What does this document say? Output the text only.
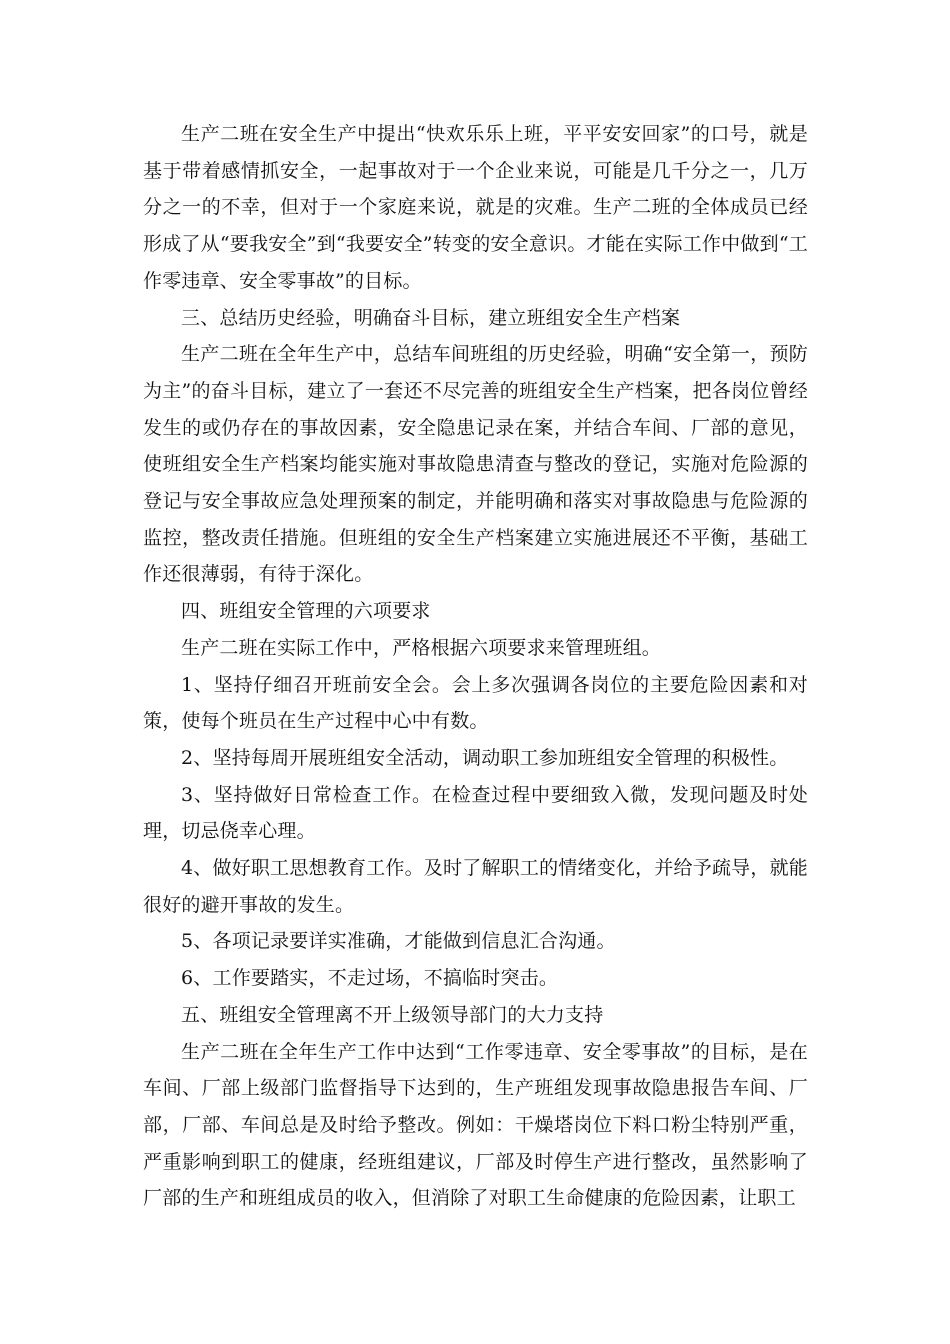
生产二班在安全生产中提出“快欢乐乐上班，平平安安回家”的口号，就是基于带着感情抓安全，一起事故对于一个企业来说，可能是几千分之一，几万分之一的不幸，但对于一个家庭来说，就是的灾难。生产二班的全体成员已经形成了从“要我安全”到“我要安全”转变的安全意识。才能在实际工作中做到“工作零违章、安全零事故”的目标。

三、总结历史经验，明确奋斗目标，建立班组安全生产档案

生产二班在全年生产中，总结车间班组的历史经验，明确“安全第一，预防为主”的奋斗目标，建立了一套还不尽完善的班组安全生产档案，把各岗位曾经发生的或仍存在的事故因素，安全隐患记录在案，并结合车间、厂部的意见，使班组安全生产档案均能实施对事故隐患清查与整改的登记，实施对危险源的登记与安全事故应急处理预案的制定，并能明确和落实对事故隐患与危险源的监控，整改责任措施。但班组的安全生产档案建立实施进展还不平衡，基础工作还很薄弱，有待于深化。

四、班组安全管理的六项要求

生产二班在实际工作中，严格根据六项要求来管理班组。

1、坚持仔细召开班前安全会。会上多次强调各岗位的主要危险因素和对策，使每个班员在生产过程中心中有数。

2、坚持每周开展班组安全活动，调动职工参加班组安全管理的积极性。

3、坚持做好日常检查工作。在检查过程中要细致入微，发现问题及时处理，切忌侥幸心理。

4、做好职工思想教育工作。及时了解职工的情绪变化，并给予疏导，就能很好的避开事故的发生。

5、各项记录要详实准确，才能做到信息汇合沟通。

6、工作要踏实，不走过场，不搞临时突击。

五、班组安全管理离不开上级领导部门的大力支持

生产二班在全年生产工作中达到“工作零违章、安全零事故”的目标，是在车间、厂部上级部门监督指导下达到的，生产班组发现事故隐患报告车间、厂部，厂部、车间总是及时给予整改。例如：干燥塔岗位下料口粉尘特别严重，严重影响到职工的健康，经班组建议，厂部及时停生产进行整改，虽然影响了厂部的生产和班组成员的收入，但消除了对职工生命健康的危险因素，让职工
